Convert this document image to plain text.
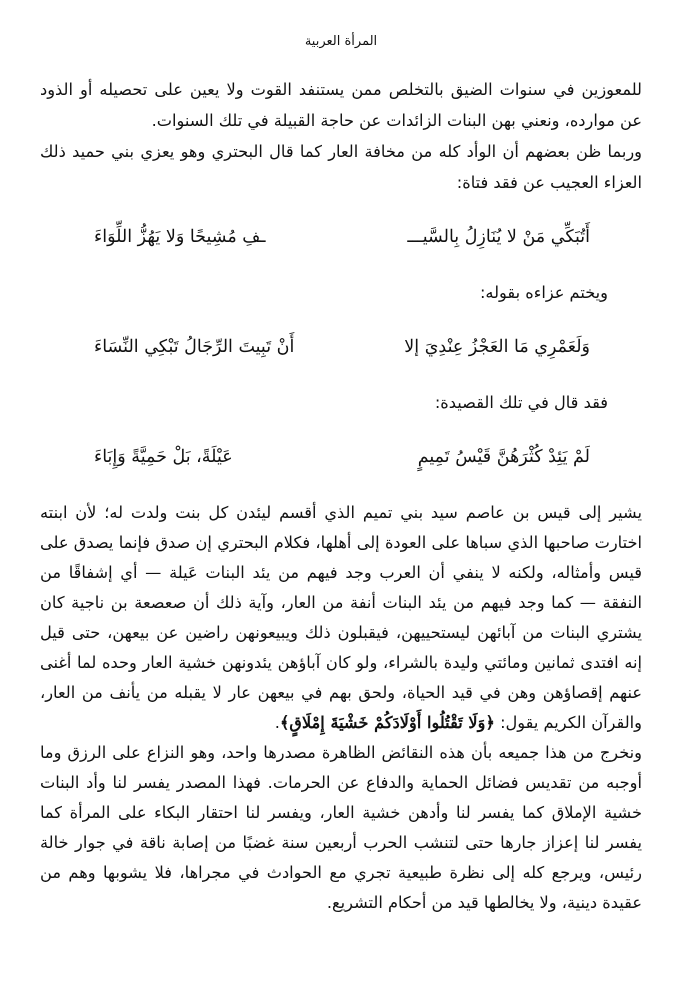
المرأة العربية

للمعوزين في سنوات الضيق بالتخلص ممن يستنفد القوت ولا يعين على تحصيله أو الذود عن موارده، ونعني بهن البنات الزائدات عن حاجة القبيلة في تلك السنوات.

وربما ظن بعضهم أن الوأد كله من مخافة العار كما قال البحتري وهو يعزي بني حميد ذلك العزاء العجيب عن فقد فتاة:

أَتُبَكِّي مَنْ لا يُنَازِلُ بِالسَّيـــ
ـفِ مُشِيحًا وَلا يَهُزُّ اللِّوَاءَ

ويختم عزاءه بقوله:

وَلَعَمْرِي مَا العَجْزُ عِنْدِيَ إلا
أَنْ تَبِيتَ الرِّجَالُ تَبْكِي النِّسَاءَ

فقد قال في تلك القصيدة:

لَمْ يَئِدْ كُثْرَهُنَّ قَيْسُ تَمِيمٍ
عَيْلَةً، بَلْ حَمِيَّةً وَإِبَاءَ

يشير إلى قيس بن عاصم سيد بني تميم الذي أقسم ليئدن كل بنت ولدت له؛ لأن ابنته اختارت صاحبها الذي سباها على العودة إلى أهلها، فكلام البحتري إن صدق فإنما يصدق على قيس وأمثاله، ولكنه لا ينفي أن العرب وجد فيهم من يئد البنات عَيلة — أي إشفاقًا من النفقة — كما وجد فيهم من يئد البنات أنفة من العار، وآية ذلك أن صعصعة بن ناجية كان يشتري البنات من آبائهن ليستحييهن، فيقبلون ذلك ويبيعونهن راضين عن بيعهن، حتى قيل إنه افتدى ثمانين ومائتي وليدة بالشراء، ولو كان آباؤهن يئدونهن خشية العار وحده لما أغنى عنهم إقصاؤهن وهن في قيد الحياة، ولحق بهم في بيعهن عار لا يقبله من يأنف من العار، والقرآن الكريم يقول: ﴿وَلَا تَقْتُلُوا أَوْلَادَكُمْ خَشْيَةَ إِمْلَاقٍ﴾.

ونخرج من هذا جميعه بأن هذه النقائض الظاهرة مصدرها واحد، وهو النزاع على الرزق وما أوجبه من تقديس فضائل الحماية والدفاع عن الحرمات. فهذا المصدر يفسر لنا وأد البنات خشية الإملاق كما يفسر لنا وأدهن خشية العار، ويفسر لنا احتقار البكاء على المرأة كما يفسر لنا إعزاز جارها حتى لتنشب الحرب أربعين سنة غضبًا من إصابة ناقة في جوار خالة رئيس، ويرجع كله إلى نظرة طبيعية تجري مع الحوادث في مجراها، فلا يشوبها وهم من عقيدة دينية، ولا يخالطها قيد من أحكام التشريع.
